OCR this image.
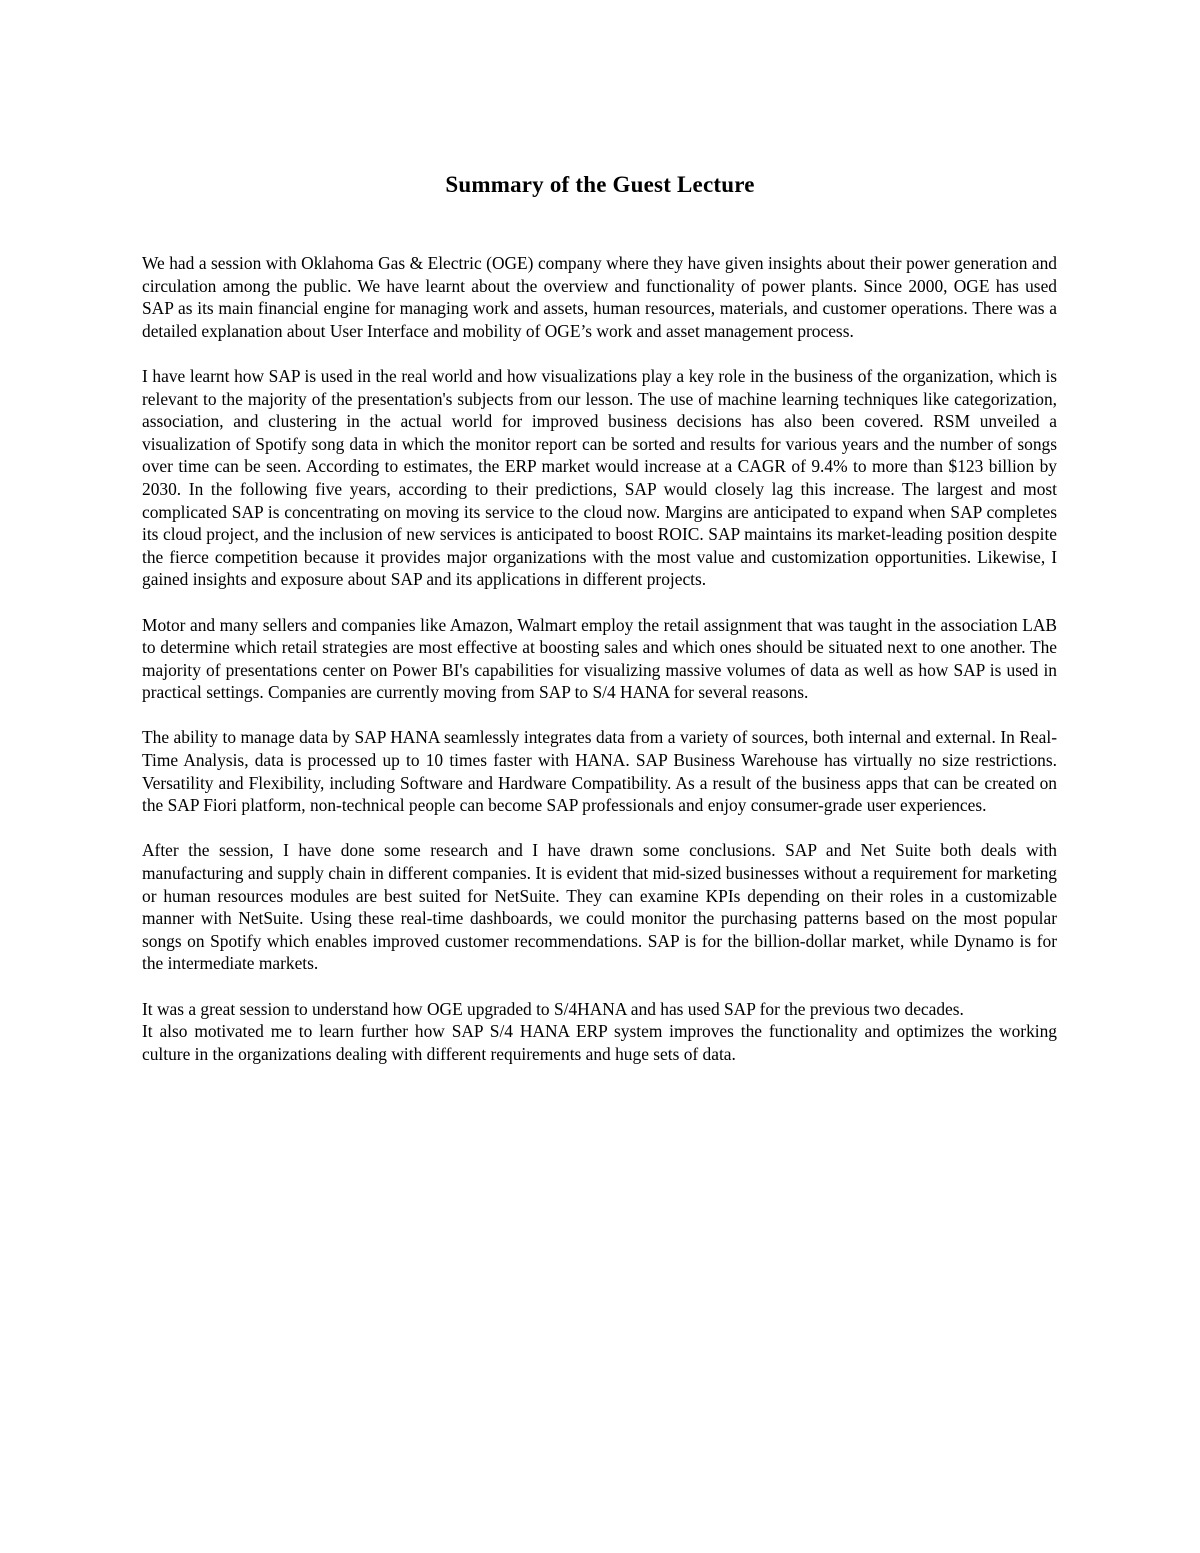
Summary of the Guest Lecture

We had a session with Oklahoma Gas & Electric (OGE) company where they have given insights about their power generation and circulation among the public. We have learnt about the overview and functionality of power plants. Since 2000, OGE has used SAP as its main financial engine for managing work and assets, human resources, materials, and customer operations. There was a detailed explanation about User Interface and mobility of OGE’s work and asset management process.

I have learnt how SAP is used in the real world and how visualizations play a key role in the business of the organization, which is relevant to the majority of the presentation's subjects from our lesson. The use of machine learning techniques like categorization, association, and clustering in the actual world for improved business decisions has also been covered. RSM unveiled a visualization of Spotify song data in which the monitor report can be sorted and results for various years and the number of songs over time can be seen. According to estimates, the ERP market would increase at a CAGR of 9.4% to more than $123 billion by 2030. In the following five years, according to their predictions, SAP would closely lag this increase. The largest and most complicated SAP is concentrating on moving its service to the cloud now. Margins are anticipated to expand when SAP completes its cloud project, and the inclusion of new services is anticipated to boost ROIC. SAP maintains its market-leading position despite the fierce competition because it provides major organizations with the most value and customization opportunities. Likewise, I gained insights and exposure about SAP and its applications in different projects.

Motor and many sellers and companies like Amazon, Walmart employ the retail assignment that was taught in the association LAB to determine which retail strategies are most effective at boosting sales and which ones should be situated next to one another. The majority of presentations center on Power BI's capabilities for visualizing massive volumes of data as well as how SAP is used in practical settings. Companies are currently moving from SAP to S/4 HANA for several reasons.

The ability to manage data by SAP HANA seamlessly integrates data from a variety of sources, both internal and external. In Real-Time Analysis, data is processed up to 10 times faster with HANA. SAP Business Warehouse has virtually no size restrictions. Versatility and Flexibility, including Software and Hardware Compatibility. As a result of the business apps that can be created on the SAP Fiori platform, non-technical people can become SAP professionals and enjoy consumer-grade user experiences.

After the session, I have done some research and I have drawn some conclusions. SAP and Net Suite both deals with manufacturing and supply chain in different companies. It is evident that mid-sized businesses without a requirement for marketing or human resources modules are best suited for NetSuite. They can examine KPIs depending on their roles in a customizable manner with NetSuite. Using these real-time dashboards, we could monitor the purchasing patterns based on the most popular songs on Spotify which enables improved customer recommendations. SAP is for the billion-dollar market, while Dynamo is for the intermediate markets.

It was a great session to understand how OGE upgraded to S/4HANA and has used SAP for the previous two decades.

It also motivated me to learn further how SAP S/4 HANA ERP system improves the functionality and optimizes the working culture in the organizations dealing with different requirements and huge sets of data.
